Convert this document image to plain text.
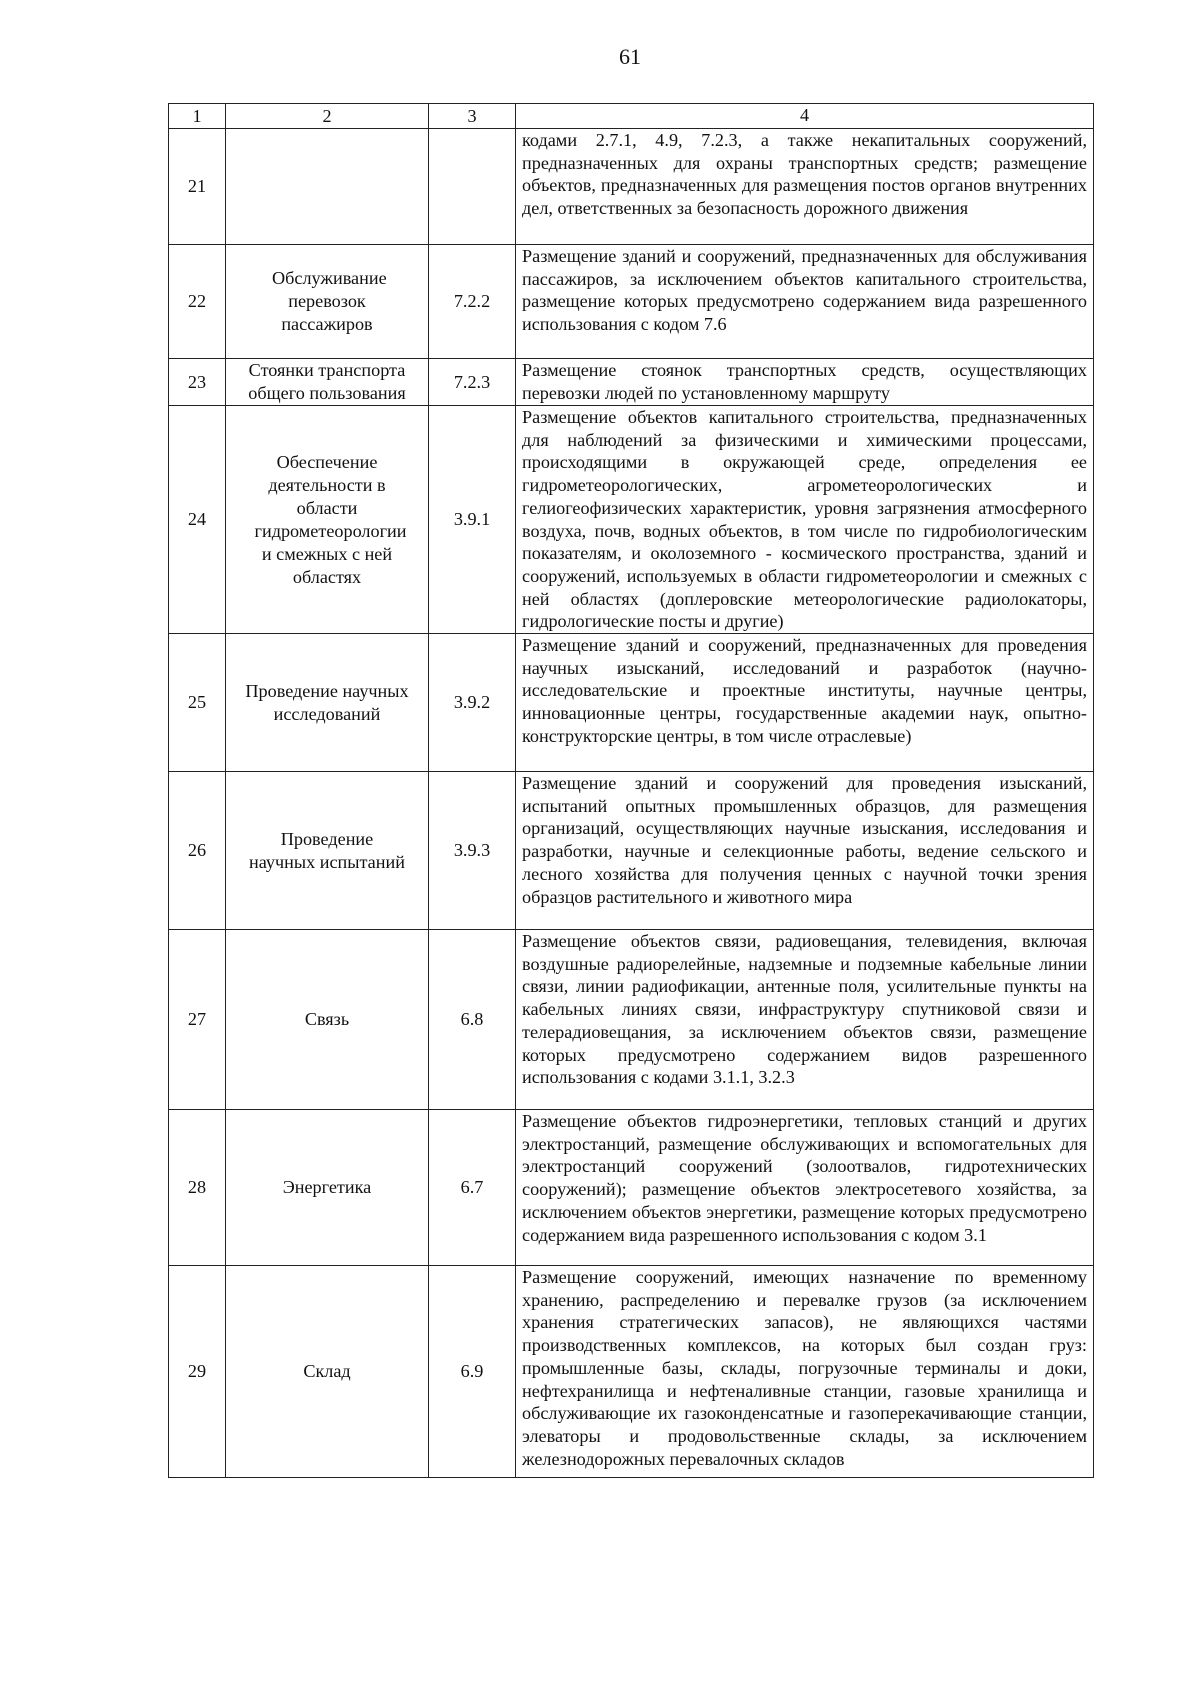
61
1	2	3	4
21			кодами 2.7.1, 4.9, 7.2.3, а также некапитальных сооружений, предназначенных для охраны транспортных средств; размещение объектов, предназначенных для размещения постов органов внутренних дел, ответственных за безопасность дорожного движения
22	Обслуживание перевозок пассажиров	7.2.2	Размещение зданий и сооружений, предназначенных для обслуживания пассажиров, за исключением объектов капитального строительства, размещение которых предусмотрено содержанием вида разрешенного использования с кодом 7.6
23	Стоянки транспорта общего пользования	7.2.3	Размещение стоянок транспортных средств, осуществляющих перевозки людей по установленному маршруту
24	Обеспечение деятельности в области гидрометеорологии и смежных с ней областях	3.9.1	Размещение объектов капитального строительства, предназначенных для наблюдений за физическими и химическими процессами, происходящими в окружающей среде, определения ее гидрометеорологических, агрометеорологических и гелиогеофизических характеристик, уровня загрязнения атмосферного воздуха, почв, водных объектов, в том числе по гидробиологическим показателям, и околоземного - космического пространства, зданий и сооружений, используемых в области гидрометеорологии и смежных с ней областях (доплеровские метеорологические радиолокаторы, гидрологические посты и другие)
25	Проведение научных исследований	3.9.2	Размещение зданий и сооружений, предназначенных для проведения научных изысканий, исследований и разработок (научно-исследовательские и проектные институты, научные центры, инновационные центры, государственные академии наук, опытно-конструкторские центры, в том числе отраслевые)
26	Проведение научных испытаний	3.9.3	Размещение зданий и сооружений для проведения изысканий, испытаний опытных промышленных образцов, для размещения организаций, осуществляющих научные изыскания, исследования и разработки, научные и селекционные работы, ведение сельского и лесного хозяйства для получения ценных с научной точки зрения образцов растительного и животного мира
27	Связь	6.8	Размещение объектов связи, радиовещания, телевидения, включая воздушные радиорелейные, надземные и подземные кабельные линии связи, линии радиофикации, антенные поля, усилительные пункты на кабельных линиях связи, инфраструктуру спутниковой связи и телерадиовещания, за исключением объектов связи, размещение которых предусмотрено содержанием видов разрешенного использования с кодами 3.1.1, 3.2.3
28	Энергетика	6.7	Размещение объектов гидроэнергетики, тепловых станций и других электростанций, размещение обслуживающих и вспомогательных для электростанций сооружений (золоотвалов, гидротехнических сооружений); размещение объектов электросетевого хозяйства, за исключением объектов энергетики, размещение которых предусмотрено содержанием вида разрешенного использования с кодом 3.1
29	Склад	6.9	Размещение сооружений, имеющих назначение по временному хранению, распределению и перевалке грузов (за исключением хранения стратегических запасов), не являющихся частями производственных комплексов, на которых был создан груз: промышленные базы, склады, погрузочные терминалы и доки, нефтехранилища и нефтеналивные станции, газовые хранилища и обслуживающие их газоконденсатные и газоперекачивающие станции, элеваторы и продовольственные склады, за исключением железнодорожных перевалочных складов
